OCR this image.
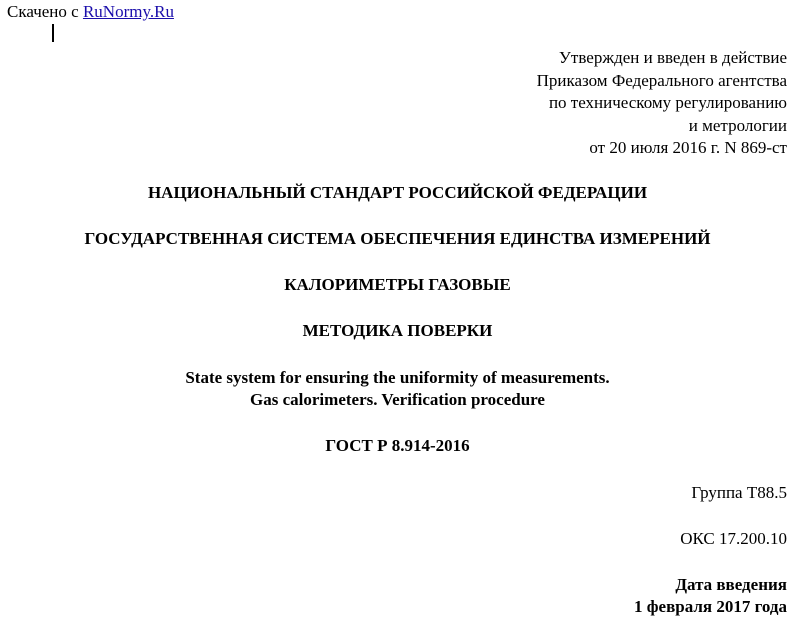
Скачено с RuNormy.Ru
Утвержден и введен в действие
Приказом Федерального агентства
по техническому регулированию
и метрологии
от 20 июля 2016 г. N 869-ст
НАЦИОНАЛЬНЫЙ СТАНДАРТ РОССИЙСКОЙ ФЕДЕРАЦИИ
ГОСУДАРСТВЕННАЯ СИСТЕМА ОБЕСПЕЧЕНИЯ ЕДИНСТВА ИЗМЕРЕНИЙ
КАЛОРИМЕТРЫ ГАЗОВЫЕ
МЕТОДИКА ПОВЕРКИ
State system for ensuring the uniformity of measurements.
Gas calorimeters. Verification procedure
ГОСТ Р 8.914-2016
Группа Т88.5
ОКС 17.200.10
Дата введения
1 февраля 2017 года
